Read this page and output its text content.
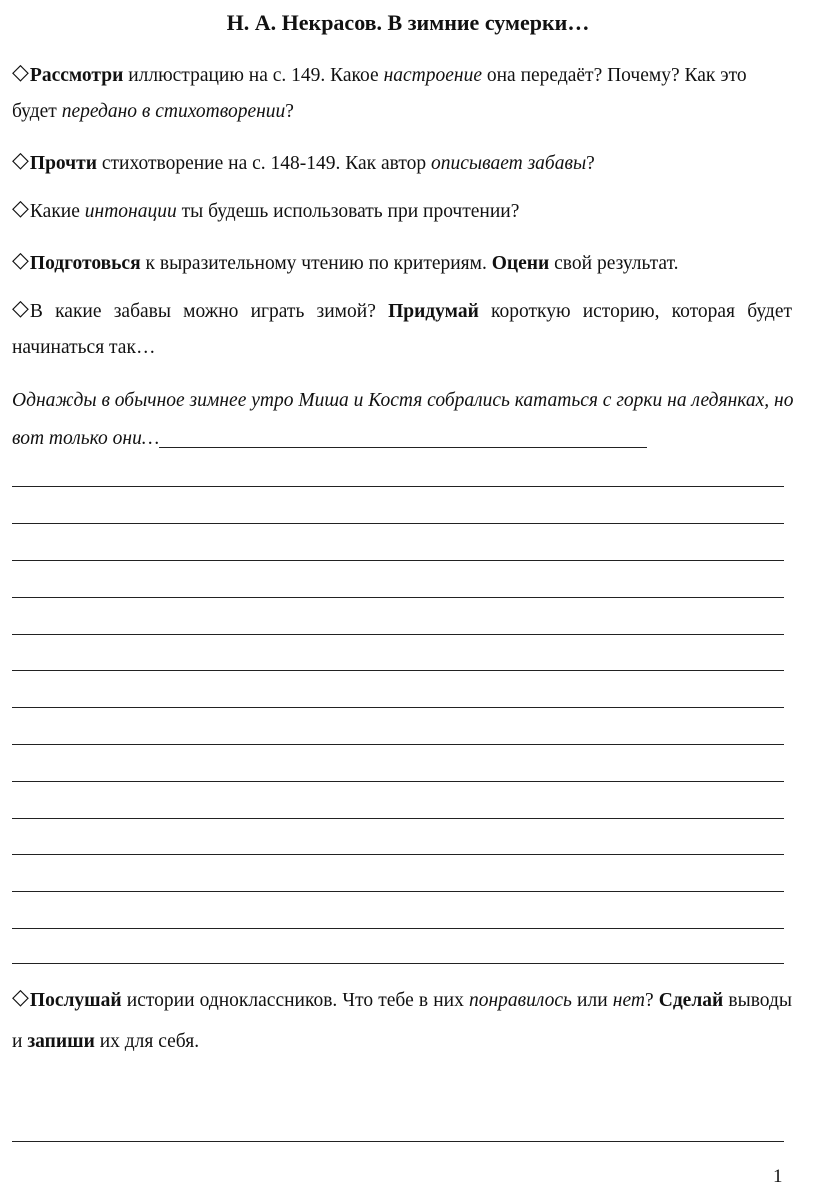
Н. А. Некрасов. В зимние сумерки…
◇Рассмотри иллюстрацию на с. 149. Какое настроение она передаёт? Почему? Как это будет передано в стихотворении?
◇Прочти стихотворение на с. 148-149. Как автор описывает забавы?
◇Какие интонации ты будешь использовать при прочтении?
◇Подготовься к выразительному чтению по критериям. Оцени свой результат.
◇В какие забавы можно играть зимой? Придумай короткую историю, которая будет начинаться так…
Однажды в обычное зимнее утро Миша и Костя собрались кататься с горки на ледянках, но вот только они…
◇Послушай истории одноклассников. Что тебе в них понравилось или нет? Сделай выводы и запиши их для себя.
1
